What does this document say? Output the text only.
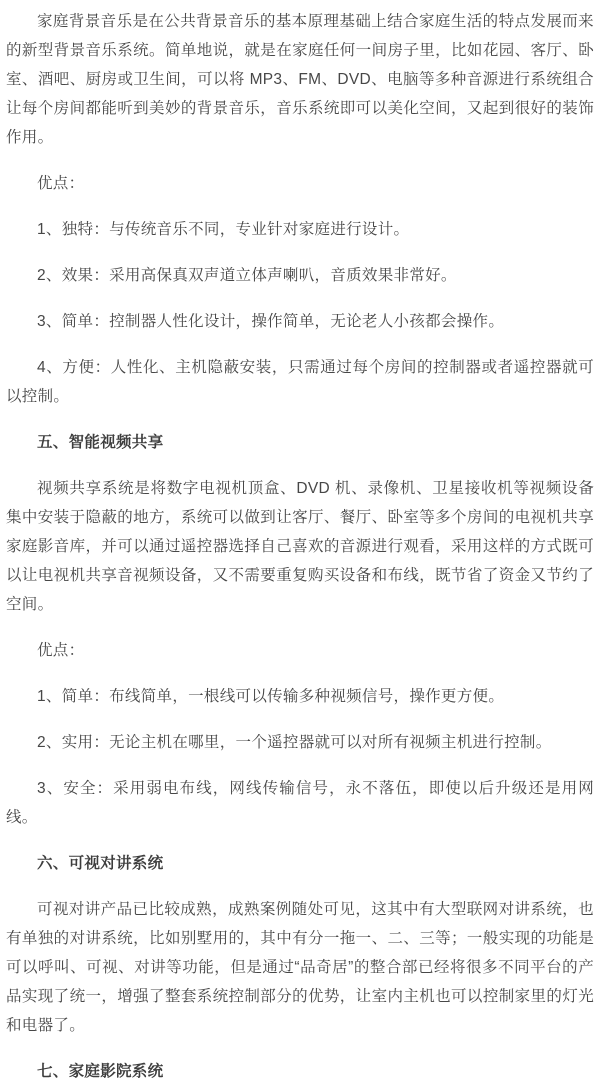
家庭背景音乐是在公共背景音乐的基本原理基础上结合家庭生活的特点发展而来的新型背景音乐系统。简单地说，就是在家庭任何一间房子里，比如花园、客厅、卧室、酒吧、厨房或卫生间，可以将 MP3、FM、DVD、电脑等多种音源进行系统组合让每个房间都能听到美妙的背景音乐，音乐系统即可以美化空间，又起到很好的装饰作用。

优点：

1、独特：与传统音乐不同，专业针对家庭进行设计。

2、效果：采用高保真双声道立体声喇叭，音质效果非常好。

3、简单：控制器人性化设计，操作简单，无论老人小孩都会操作。

4、方便：人性化、主机隐蔽安装，只需通过每个房间的控制器或者遥控器就可以控制。

五、智能视频共享

视频共享系统是将数字电视机顶盒、DVD 机、录像机、卫星接收机等视频设备集中安装于隐蔽的地方，系统可以做到让客厅、餐厅、卧室等多个房间的电视机共享家庭影音库，并可以通过遥控器选择自己喜欢的音源进行观看，采用这样的方式既可以让电视机共享音视频设备，又不需要重复购买设备和布线，既节省了资金又节约了空间。

优点：

1、简单：布线简单，一根线可以传输多种视频信号，操作更方便。

2、实用：无论主机在哪里，一个遥控器就可以对所有视频主机进行控制。

3、安全：采用弱电布线，网线传输信号，永不落伍，即使以后升级还是用网线。

六、可视对讲系统

可视对讲产品已比较成熟，成熟案例随处可见，这其中有大型联网对讲系统，也有单独的对讲系统，比如别墅用的，其中有分一拖一、二、三等；一般实现的功能是可以呼叫、可视、对讲等功能，但是通过“品奇居”的整合部已经将很多不同平台的产品实现了统一，增强了整套系统控制部分的优势，让室内主机也可以控制家里的灯光和电器了。

七、家庭影院系统
